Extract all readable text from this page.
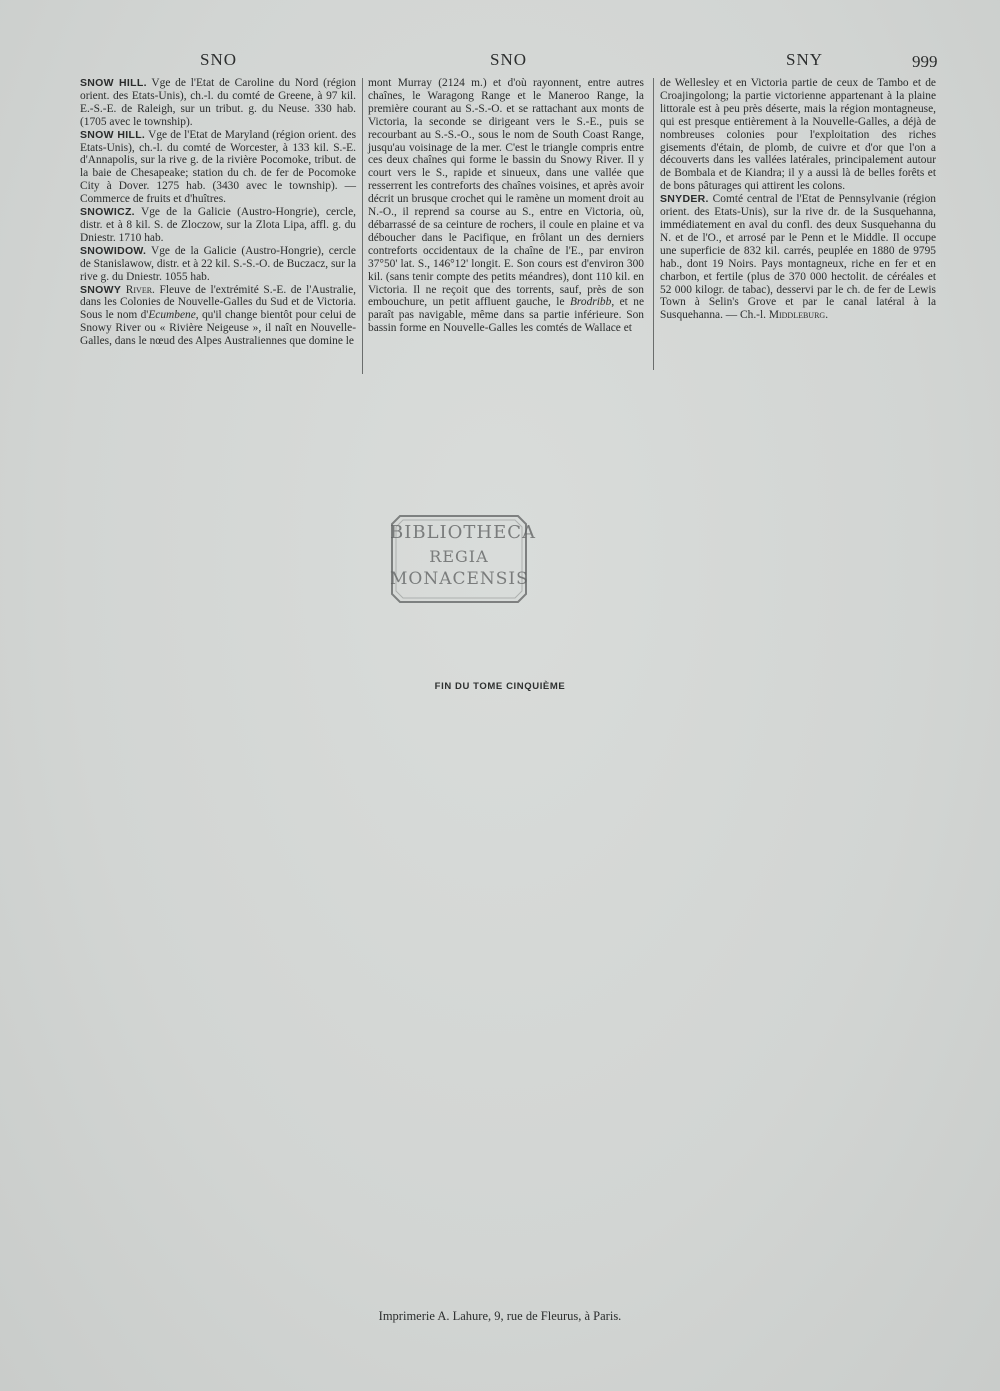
SNO	SNO	SNY	999

SNOW HILL. Vge de l'Etat de Caroline du Nord (région orient. des Etats-Unis), ch.-l. du comté de Greene, à 97 kil. E.-S.-E. de Raleigh, sur un tribut. g. du Neuse. 330 hab. (1705 avec le township).

SNOW HILL. Vge de l'Etat de Maryland (région orient. des Etats-Unis), ch.-l. du comté de Worcester, à 133 kil. S.-E. d'Annapolis, sur la rive g. de la rivière Pocomoke, tribut. de la baie de Chesapeake; station du ch. de fer de Pocomoke City à Dover. 1275 hab. (3430 avec le township). — Commerce de fruits et d'huîtres.

SNOWICZ. Vge de la Galicie (Austro-Hongrie), cercle, distr. et à 8 kil. S. de Zloczow, sur la Zlota Lipa, affl. g. du Dniestr. 1710 hab.

SNOWIDOW. Vge de la Galicie (Austro-Hongrie), cercle de Stanislawow, distr. et à 22 kil. S.-S.-O. de Buczacz, sur la rive g. du Dniestr. 1055 hab.

SNOWY River. Fleuve de l'extrémité S.-E. de l'Australie, dans les Colonies de Nouvelle-Galles du Sud et de Victoria. Sous le nom d'Ecumbene, qu'il change bientôt pour celui de Snowy River ou « Rivière Neigeuse », il naît en Nouvelle-Galles, dans le nœud des Alpes Australiennes que domine le

mont Murray (2124 m.) et d'où rayonnent, entre autres chaînes, le Waragong Range et le Maneroo Range, la première courant au S.-S.-O. et se rattachant aux monts de Victoria, la seconde se dirigeant vers le S.-E., puis se recourbant au S.-S.-O., sous le nom de South Coast Range, jusqu'au voisinage de la mer. C'est le triangle compris entre ces deux chaînes qui forme le bassin du Snowy River. Il y court vers le S., rapide et sinueux, dans une vallée que resserrent les contreforts des chaînes voisines, et après avoir décrit un brusque crochet qui le ramène un moment droit au N.-O., il reprend sa course au S., entre en Victoria, où, débarrassé de sa ceinture de rochers, il coule en plaine et va déboucher dans le Pacifique, en frôlant un des derniers contreforts occidentaux de la chaîne de l'E., par environ 37°50' lat. S., 146°12' longit. E. Son cours est d'environ 300 kil. (sans tenir compte des petits méandres), dont 110 kil. en Victoria. Il ne reçoit que des torrents, sauf, près de son embouchure, un petit affluent gauche, le Brodribb, et ne paraît pas navigable, même dans sa partie inférieure. Son bassin forme en Nouvelle-Galles les comtés de Wallace et

de Wellesley et en Victoria partie de ceux de Tambo et de Croajingolong; la partie victorienne appartenant à la plaine littorale est à peu près déserte, mais la région montagneuse, qui est presque entièrement à la Nouvelle-Galles, a déjà de nombreuses colonies pour l'exploitation des riches gisements d'étain, de plomb, de cuivre et d'or que l'on a découverts dans les vallées latérales, principalement autour de Bombala et de Kiandra; il y a aussi là de belles forêts et de bons pâturages qui attirent les colons.

SNYDER. Comté central de l'Etat de Pennsylvanie (région orient. des Etats-Unis), sur la rive dr. de la Susquehanna, immédiatement en aval du confl. des deux Susquehanna du N. et de l'O., et arrosé par le Penn et le Middle. Il occupe une superficie de 832 kil. carrés, peuplée en 1880 de 9795 hab., dont 19 Noirs. Pays montagneux, riche en fer et en charbon, et fertile (plus de 370 000 hectolit. de céréales et 52 000 kilogr. de tabac), desservi par le ch. de fer de Lewis Town à Selin's Grove et par le canal latéral à la Susquehanna. — Ch.-l. Middleburg.

BIBLIOTHECA
REGIA
MONACENSIS
FIN DU TOME CINQUIÈME
Imprimerie A. Lahure, 9, rue de Fleurus, à Paris.
